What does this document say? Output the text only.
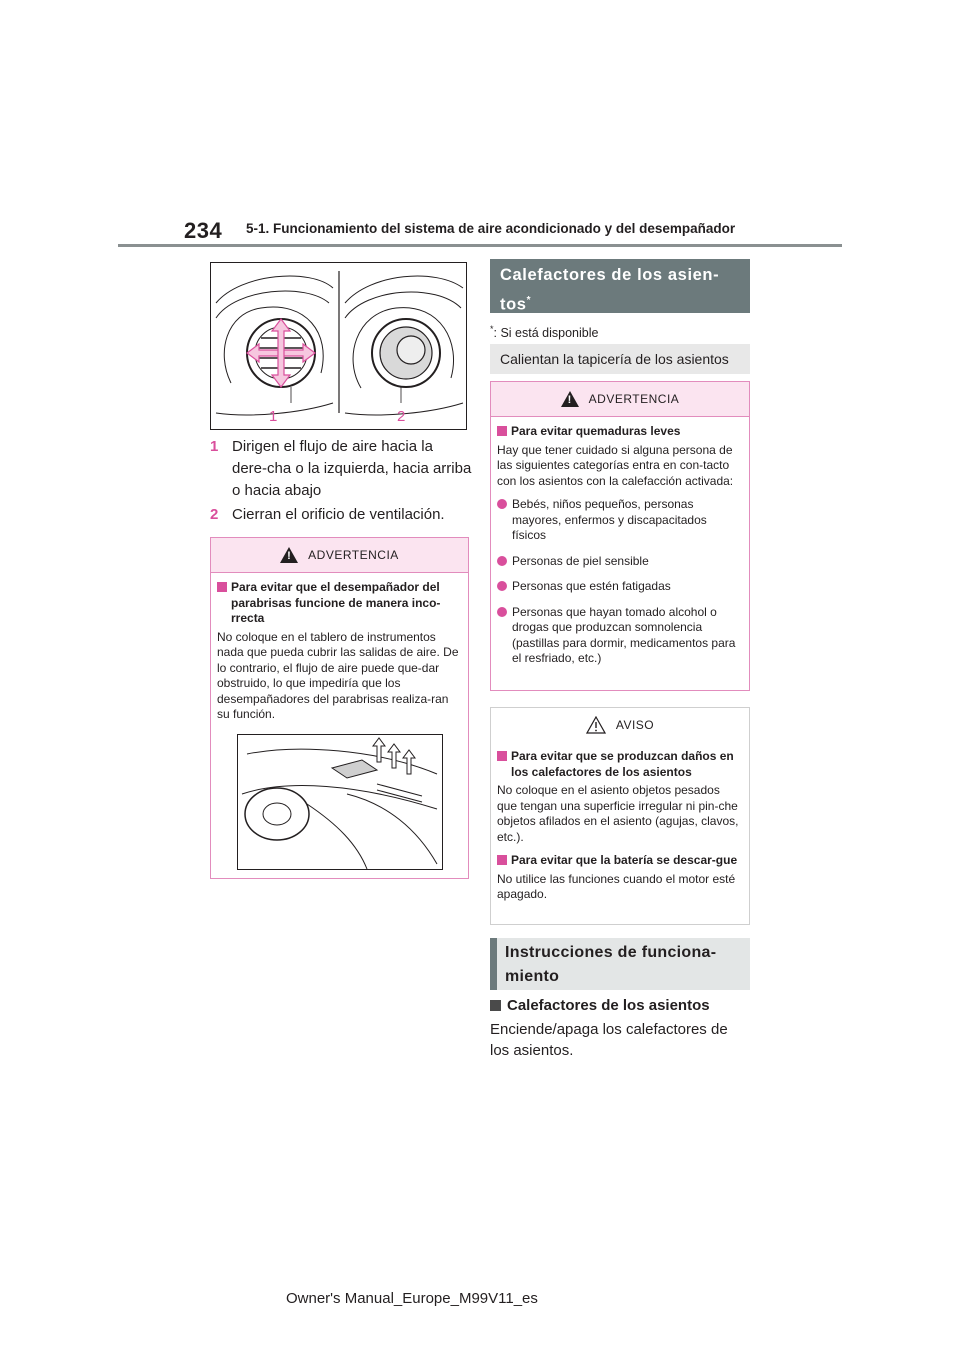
234 5-1. Funcionamiento del sistema de aire acondicionado y del desempañador
1	2
1 Dirigen el flujo de aire hacia la dere-cha o la izquierda, hacia arriba o hacia abajo
2 Cierran el orificio de ventilación.
!
ADVERTENCIA
Para evitar que el desempañador del parabrisas funcione de manera inco-rrecta
No coloque en el tablero de instrumentos nada que pueda cubrir las salidas de aire. De lo contrario, el flujo de aire puede que-dar obstruido, lo que impediría que los desempañadores del parabrisas realiza-ran su función.
Calefactores de los asien-tos*
*: Si está disponible
Calientan la tapicería de los asientos
!
ADVERTENCIA
Para evitar quemaduras leves
Hay que tener cuidado si alguna persona de las siguientes categorías entra en con-tacto con los asientos con la calefacción activada:
Bebés, niños pequeños, personas mayores, enfermos y discapacitados físicos
Personas de piel sensible
Personas que estén fatigadas
Personas que hayan tomado alcohol o drogas que produzcan somnolencia (pastillas para dormir, medicamentos para el resfriado, etc.)
AVISO
Para evitar que se produzcan daños en los calefactores de los asientos
No coloque en el asiento objetos pesados que tengan una superficie irregular ni pin-che objetos afilados en el asiento (agujas, clavos, etc.).
Para evitar que la batería se descar-gue
No utilice las funciones cuando el motor esté apagado.
Instrucciones de funciona-miento
Calefactores de los asientos
Enciende/apaga los calefactores de los asientos.
Owner's Manual_Europe_M99V11_es
